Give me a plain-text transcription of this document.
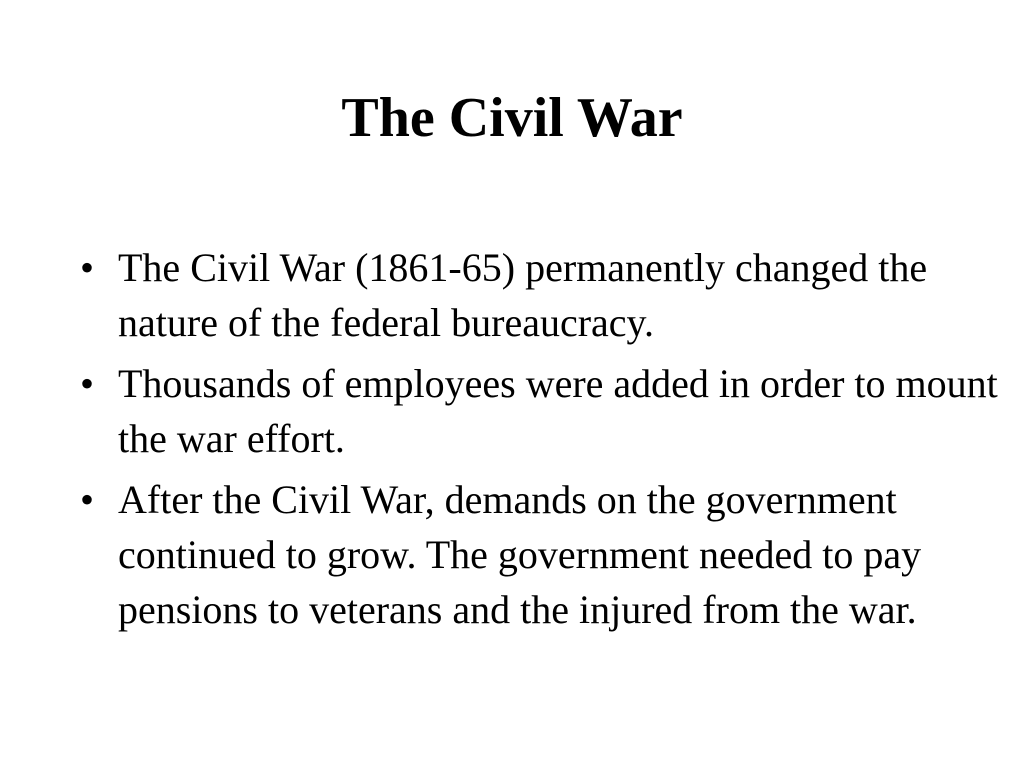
The Civil War
• The Civil War (1861-65) permanently changed the nature of the federal bureaucracy.
• Thousands of employees were added in order to mount the war effort.
• After the Civil War, demands on the government continued to grow. The government needed to pay pensions to veterans and the injured from the war.
